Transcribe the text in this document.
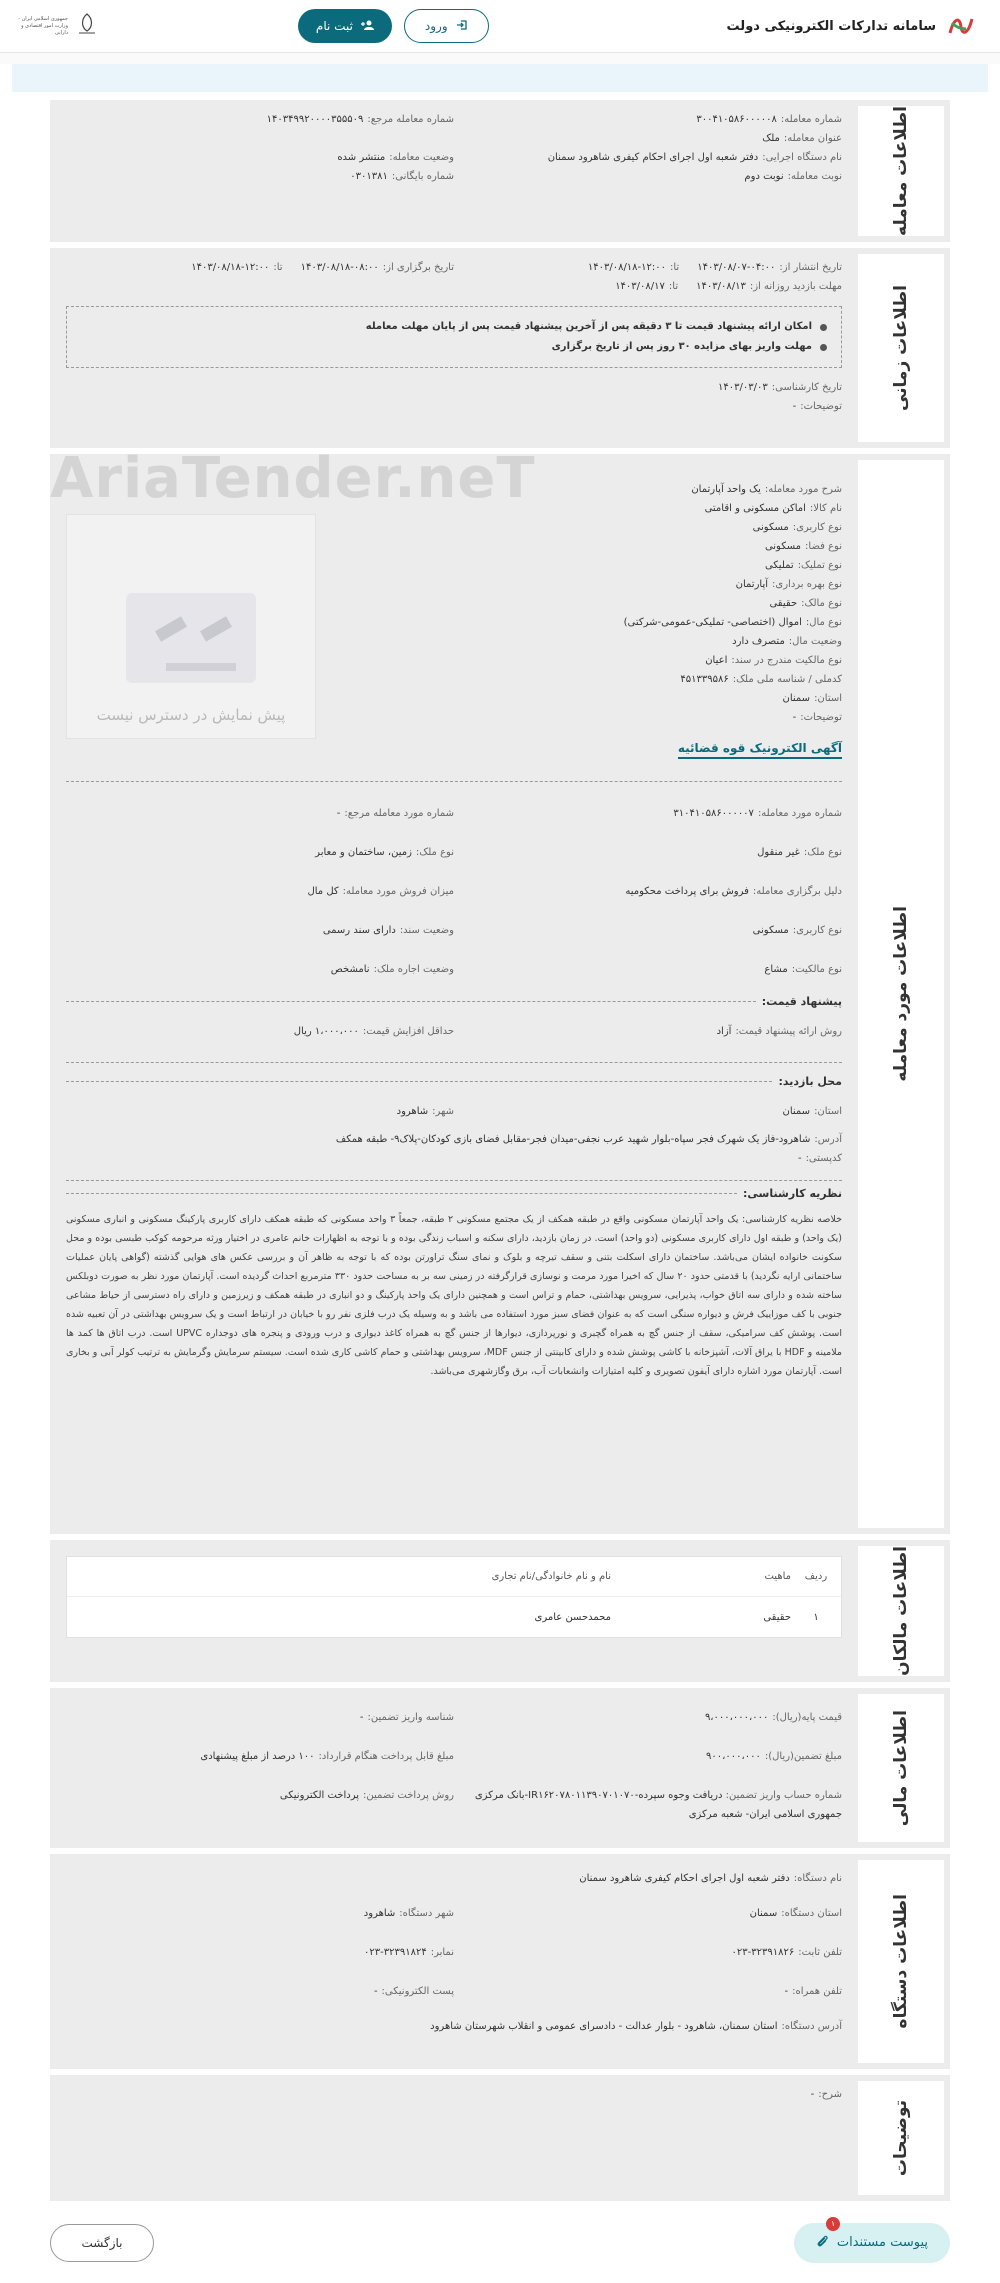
سامانه تدارکات الکترونیکی دولت
ورود
ثبت نام
جمهوری اسلامی ایران - وزارت امور اقتصادی و دارایی
اطلاعات معامله
شماره معامله:
۳۰۰۴۱۰۵۸۶۰۰۰۰۰۸
شماره معامله مرجع:
۱۴۰۳۴۹۹۲۰۰۰۰۳۵۵۵۰۹
عنوان معامله:
ملک
نام دستگاه اجرایی:
دفتر شعبه اول اجرای احکام کیفری شاهرود سمنان
وضعیت معامله:
منتشر شده
نوبت معامله:
نوبت دوم
شماره بایگانی:
۰۳۰۱۳۸۱
اطلاعات زمانی
تاریخ انتشار از:
۱۴۰۳/۰۸/۰۷-۰۴:۰۰
تا:
۱۴۰۳/۰۸/۱۸-۱۲:۰۰
تاریخ برگزاری از:
۱۴۰۳/۰۸/۱۸-۰۸:۰۰
تا:
۱۴۰۳/۰۸/۱۸-۱۲:۰۰
مهلت بازدید روزانه از:
۱۴۰۳/۰۸/۱۳
تا:
۱۴۰۳/۰۸/۱۷
امکان ارائه پیشنهاد قیمت تا ۳ دقیقه پس از آخرین پیشنهاد قیمت پس از پایان مهلت معامله
مهلت واریز بهای مزایده ۳۰ روز پس از تاریخ برگزاری
تاریخ کارشناسی:
۱۴۰۳/۰۳/۰۳
توضیحات:
-
اطلاعات مورد معامله
AriaTender.neT
پیش نمایش در دسترس نیست
شرح مورد معامله:
یک واحد آپارتمان
نام کالا:
اماکن مسکونی و اقامتی
نوع کاربری:
مسکونی
نوع فضا:
مسکونی
نوع تملیک:
تملیکی
نوع بهره برداری:
آپارتمان
نوع مالک:
حقیقی
نوع مال:
اموال (اختصاصی- تملیکی-عمومی-شرکتی)
وضعیت مال:
متصرف دارد
نوع مالکیت مندرج در سند:
اعیان
کدملی / شناسه ملی ملک:
۴۵۱۳۳۹۵۸۶
استان:
سمنان
توضیحات:
-
آگهی الکترونیک قوه قضائیه
شماره مورد معامله:
۳۱۰۴۱۰۵۸۶۰۰۰۰۰۷
شماره مورد معامله مرجع:
-
نوع ملک:
غیر منقول
نوع ملک:
زمین، ساختمان و معابر
دلیل برگزاری معامله:
فروش برای پرداخت محکومیه
میزان فروش مورد معامله:
کل مال
نوع کاربری:
مسکونی
وضعیت سند:
دارای سند رسمی
نوع مالکیت:
مشاع
وضعیت اجاره ملک:
نامشخص
پیشنهاد قیمت:
روش ارائه پیشنهاد قیمت:
آزاد
حداقل افزایش قیمت:
۱،۰۰۰،۰۰۰ ریال
محل بازدید:
استان:
سمنان
شهر:
شاهرود
آدرس:
شاهرود-فاز یک شهرک فجر سپاه-بلوار شهید عرب نجفی-میدان فجر-مقابل فضای بازی کودکان-پلاک۹- طبقه همکف
کدپستی:
-
نظریه کارشناسی:
خلاصه نظریه کارشناسی: یک واحد آپارتمان مسکونی واقع در طبقه همکف از یک مجتمع مسکونی ۲ طبقه، جمعاً ۳ واحد مسکونی که طبقه همکف دارای کاربری پارکینگ مسکونی و انباری مسکونی (یک واحد) و طبقه اول دارای کاربری مسکونی (دو واحد) است. در زمان بازدید، دارای سکنه و اسباب زندگی بوده و با توجه به اظهارات خانم عامری در اختیار ورثه مرحومه کوکب طبسی بوده و محل سکونت خانواده ایشان می‌باشد. ساختمان دارای اسکلت بتنی و سقف تیرچه و بلوک و نمای سنگ تراورتن بوده که با توجه به ظاهر آن و بررسی عکس های هوایی گذشته (گواهی پایان عملیات ساختمانی ارایه نگردید) با قدمتی حدود ۲۰ سال که اخیرا مورد مرمت و نوسازی قرارگرفته در زمینی سه بر به مساحت حدود ۳۳۰ مترمربع احداث گردیده است. آپارتمان مورد نظر به صورت دوبلکس ساخته شده و دارای سه اتاق خواب، پذیرایی، سرویس بهداشتی، حمام و تراس است و همچنین دارای یک واحد پارکینگ و دو انباری در طبقه همکف و زیرزمین و دارای راه دسترسی از حیاط مشاعی جنوبی با کف موزاییک فرش و دیواره سنگی است که به عنوان فضای سبز مورد استفاده می باشد و به وسیله یک درب فلزی نفر رو با خیابان در ارتباط است و یک سرویس بهداشتی در آن تعبیه شده است. پوشش کف سرامیکی، سقف از جنس گچ به همراه گچبری و نورپردازی، دیوارها از جنس گچ به همراه کاغذ دیواری و درب ورودی و پنجره های دوجداره UPVC است. درب اتاق ها کمد ها ملامینه و HDF با یراق آلات، آشپزخانه با کاشی پوشش شده و دارای کابینتی از جنس MDF، سرویس بهداشتی و حمام کاشی کاری شده است. سیستم سرمایش وگرمایش به ترتیب کولر آبی و بخاری است. آپارتمان مورد اشاره دارای آیفون تصویری و کلیه امتیازات وانشعابات آب، برق وگازشهری می‌باشد.
اطلاعات مالکان
ردیف
ماهیت
نام و نام خانوادگی/نام تجاری
۱
حقیقی
محمدحسن عامری
اطلاعات مالی
قیمت پایه(ریال):
۹،۰۰۰،۰۰۰،۰۰۰
شناسه واریز تضمین:
-
مبلغ تضمین(ریال):
۹۰۰،۰۰۰،۰۰۰
مبلغ قابل پرداخت هنگام قرارداد:
۱۰۰ درصد از مبلغ پیشنهادی
شماره حساب واریز تضمین: دریافت وجوه سپرده-IR۱۶۲۰۷۸۰۱۱۳۹۰۷۰۱۰۷۰-بانک مرکزی جمهوری اسلامی ایران- شعبه مرکزی
روش پرداخت تضمین:
پرداخت الکترونیکی
اطلاعات دستگاه
نام دستگاه:
دفتر شعبه اول اجرای احکام کیفری شاهرود سمنان
استان دستگاه:
سمنان
شهر دستگاه:
شاهرود
تلفن ثابت:
۰۲۳-۳۲۳۹۱۸۲۶
نمابر:
۰۲۳-۳۲۳۹۱۸۲۴
تلفن همراه:
-
پست الکترونیکی:
-
آدرس دستگاه:
استان سمنان، شاهرود - بلوار عدالت - دادسرای عمومی و انقلاب شهرستان شاهرود
توضیحات
شرح:
-
۱
پیوست مستندات
بازگشت
